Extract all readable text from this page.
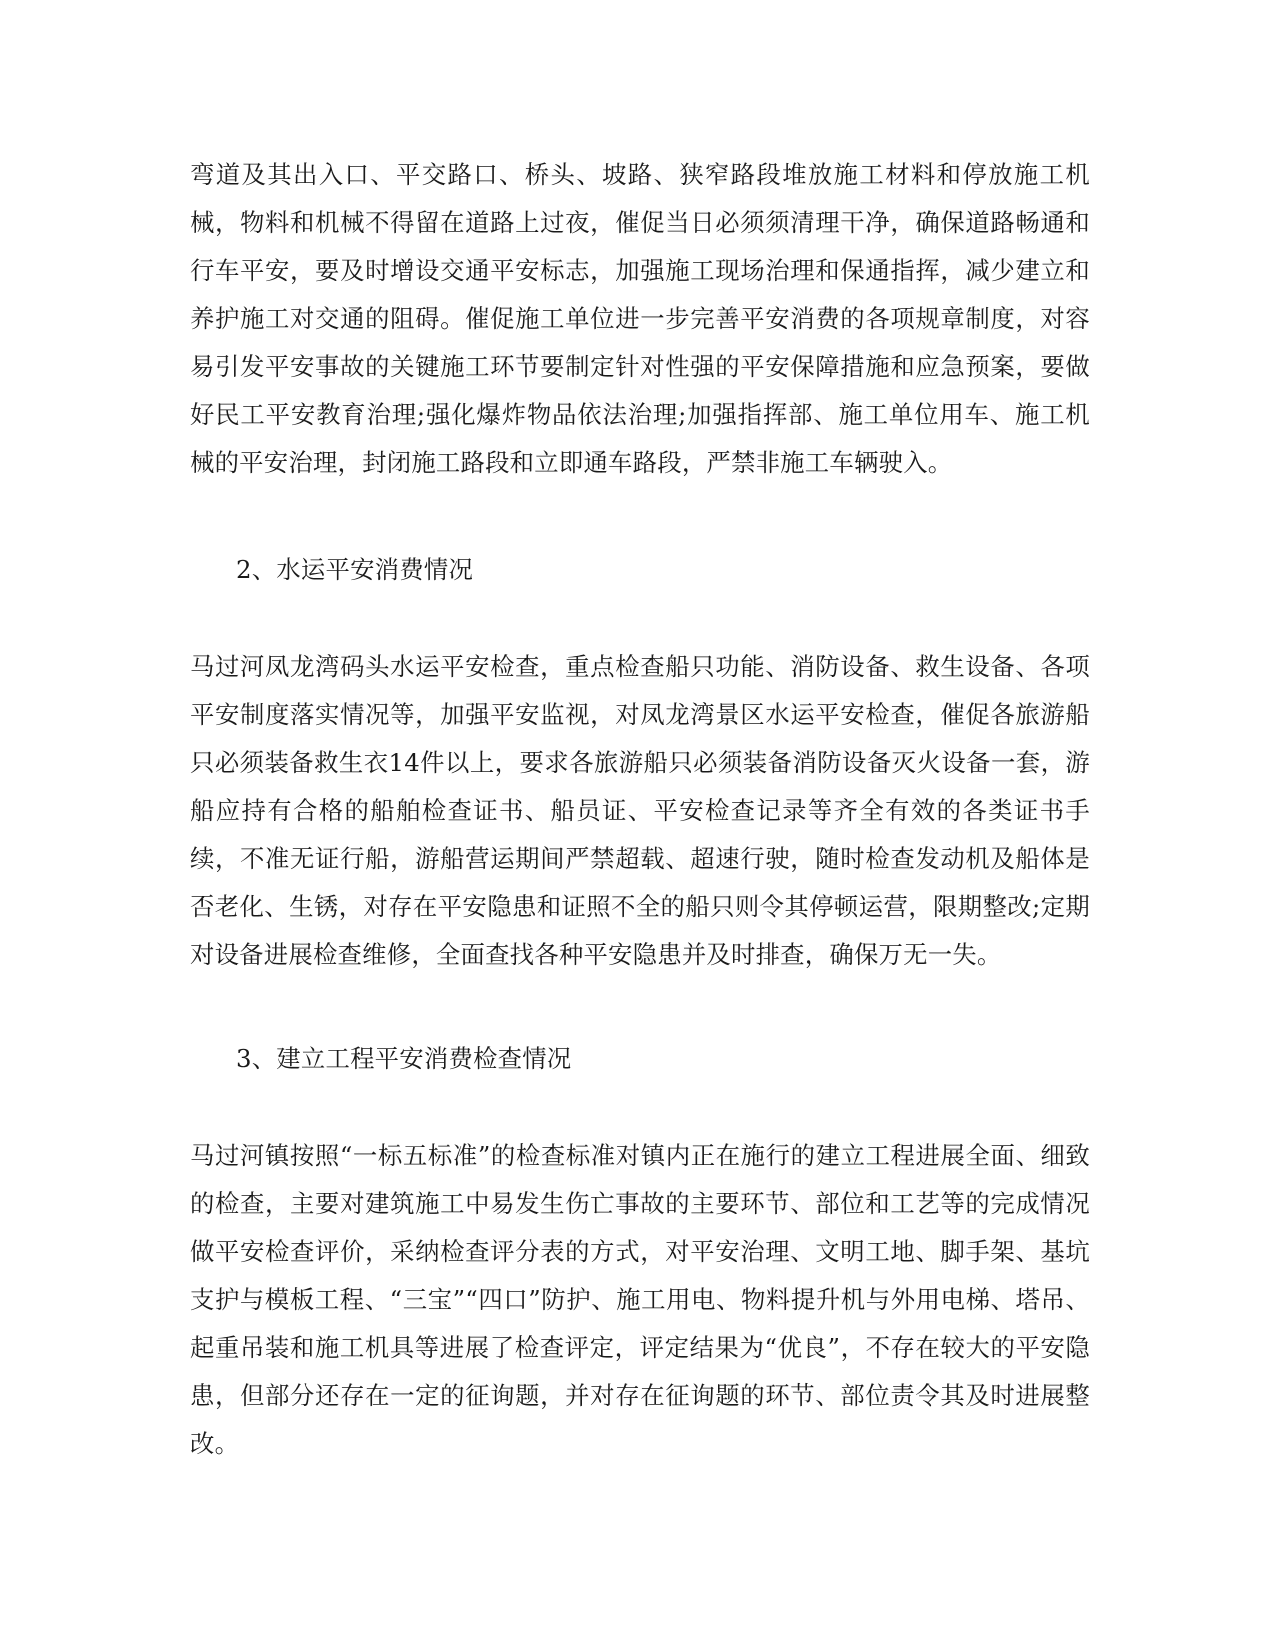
弯道及其出入口、平交路口、桥头、坡路、狭窄路段堆放施工材料和停放施工机械，物料和机械不得留在道路上过夜，催促当日必须须清理干净，确保道路畅通和行车平安，要及时增设交通平安标志，加强施工现场治理和保通指挥，减少建立和养护施工对交通的阻碍。催促施工单位进一步完善平安消费的各项规章制度，对容易引发平安事故的关键施工环节要制定针对性强的平安保障措施和应急预案，要做好民工平安教育治理;强化爆炸物品依法治理;加强指挥部、施工单位用车、施工机械的平安治理，封闭施工路段和立即通车路段，严禁非施工车辆驶入。

2、水运平安消费情况

马过河凤龙湾码头水运平安检查，重点检查船只功能、消防设备、救生设备、各项平安制度落实情况等，加强平安监视，对凤龙湾景区水运平安检查，催促各旅游船只必须装备救生衣14件以上，要求各旅游船只必须装备消防设备灭火设备一套，游船应持有合格的船舶检查证书、船员证、平安检查记录等齐全有效的各类证书手续，不准无证行船，游船营运期间严禁超载、超速行驶，随时检查发动机及船体是否老化、生锈，对存在平安隐患和证照不全的船只则令其停顿运营，限期整改;定期对设备进展检查维修，全面查找各种平安隐患并及时排查，确保万无一失。

3、建立工程平安消费检查情况

马过河镇按照“一标五标准”的检查标准对镇内正在施行的建立工程进展全面、细致的检查，主要对建筑施工中易发生伤亡事故的主要环节、部位和工艺等的完成情况做平安检查评价，采纳检查评分表的方式，对平安治理、文明工地、脚手架、基坑支护与模板工程、“三宝”“四口”防护、施工用电、物料提升机与外用电梯、塔吊、起重吊装和施工机具等进展了检查评定，评定结果为“优良”，不存在较大的平安隐患，但部分还存在一定的征询题，并对存在征询题的环节、部位责令其及时进展整改。
